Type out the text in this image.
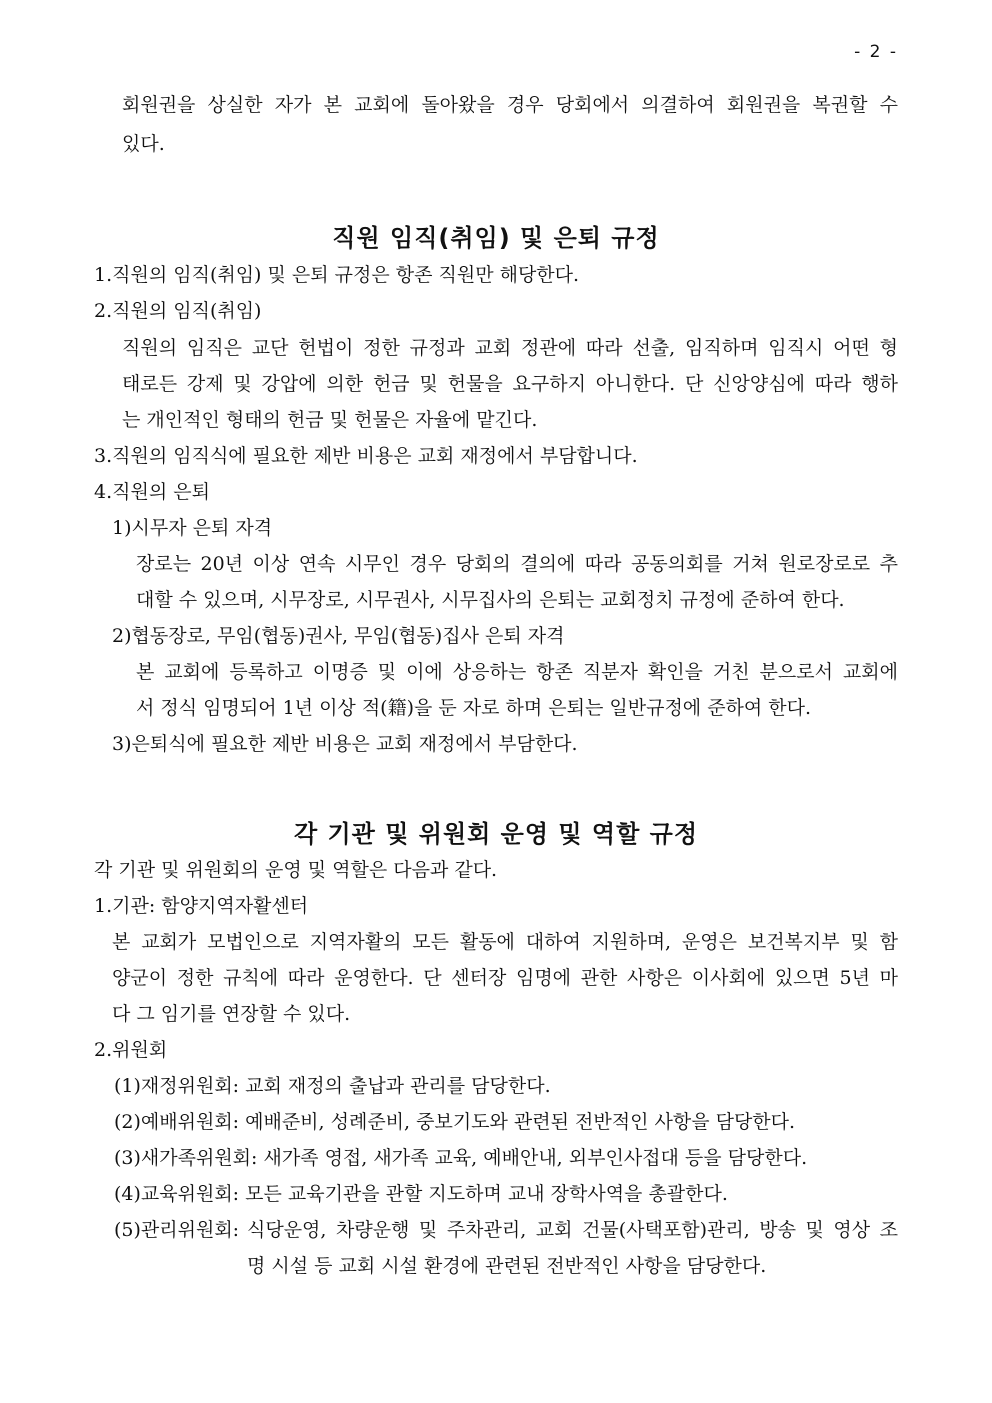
- 2 -
회원권을 상실한 자가 본 교회에 돌아왔을 경우 당회에서 의결하여 회원권을 복권할 수
있다.
직원 임직(취임) 및 은퇴 규정
1.직원의 임직(취임) 및 은퇴 규정은 항존 직원만 해당한다.
2.직원의 임직(취임)
직원의 임직은 교단 헌법이 정한 규정과 교회 정관에 따라 선출, 임직하며 임직시 어떤 형
태로든 강제 및 강압에 의한 헌금 및 헌물을 요구하지 아니한다. 단 신앙양심에 따라 행하
는 개인적인 형태의 헌금 및 헌물은 자율에 맡긴다.
3.직원의 임직식에 필요한 제반 비용은 교회 재정에서 부담합니다.
4.직원의 은퇴
1)시무자 은퇴 자격
장로는 20년 이상 연속 시무인 경우 당회의 결의에 따라 공동의회를 거쳐 원로장로로 추
대할 수 있으며, 시무장로, 시무권사, 시무집사의 은퇴는 교회정치 규정에 준하여 한다.
2)협동장로, 무임(협동)권사, 무임(협동)집사 은퇴 자격
본 교회에 등록하고 이명증 및 이에 상응하는 항존 직분자 확인을 거친 분으로서 교회에
서 정식 임명되어 1년 이상 적(籍)을 둔 자로 하며 은퇴는 일반규정에 준하여 한다.
3)은퇴식에 필요한 제반 비용은 교회 재정에서 부담한다.
각 기관 및 위원회 운영 및 역할 규정
각 기관 및 위원회의 운영 및 역할은 다음과 같다.
1.기관: 함양지역자활센터
본 교회가 모법인으로 지역자활의 모든 활동에 대하여 지원하며, 운영은 보건복지부 및 함
양군이 정한 규칙에 따라 운영한다. 단 센터장 임명에 관한 사항은 이사회에 있으면 5년 마
다 그 임기를 연장할 수 있다.
2.위원회
(1)재정위원회: 교회 재정의 출납과 관리를 담당한다.
(2)예배위원회: 예배준비, 성례준비, 중보기도와 관련된 전반적인 사항을 담당한다.
(3)새가족위원회: 새가족 영접, 새가족 교육, 예배안내, 외부인사접대 등을 담당한다.
(4)교육위원회: 모든 교육기관을 관할 지도하며 교내 장학사역을 총괄한다.
(5)관리위원회: 식당운영, 차량운행 및 주차관리, 교회 건물(사택포함)관리, 방송 및 영상 조
명 시설 등 교회 시설 환경에 관련된 전반적인 사항을 담당한다.
